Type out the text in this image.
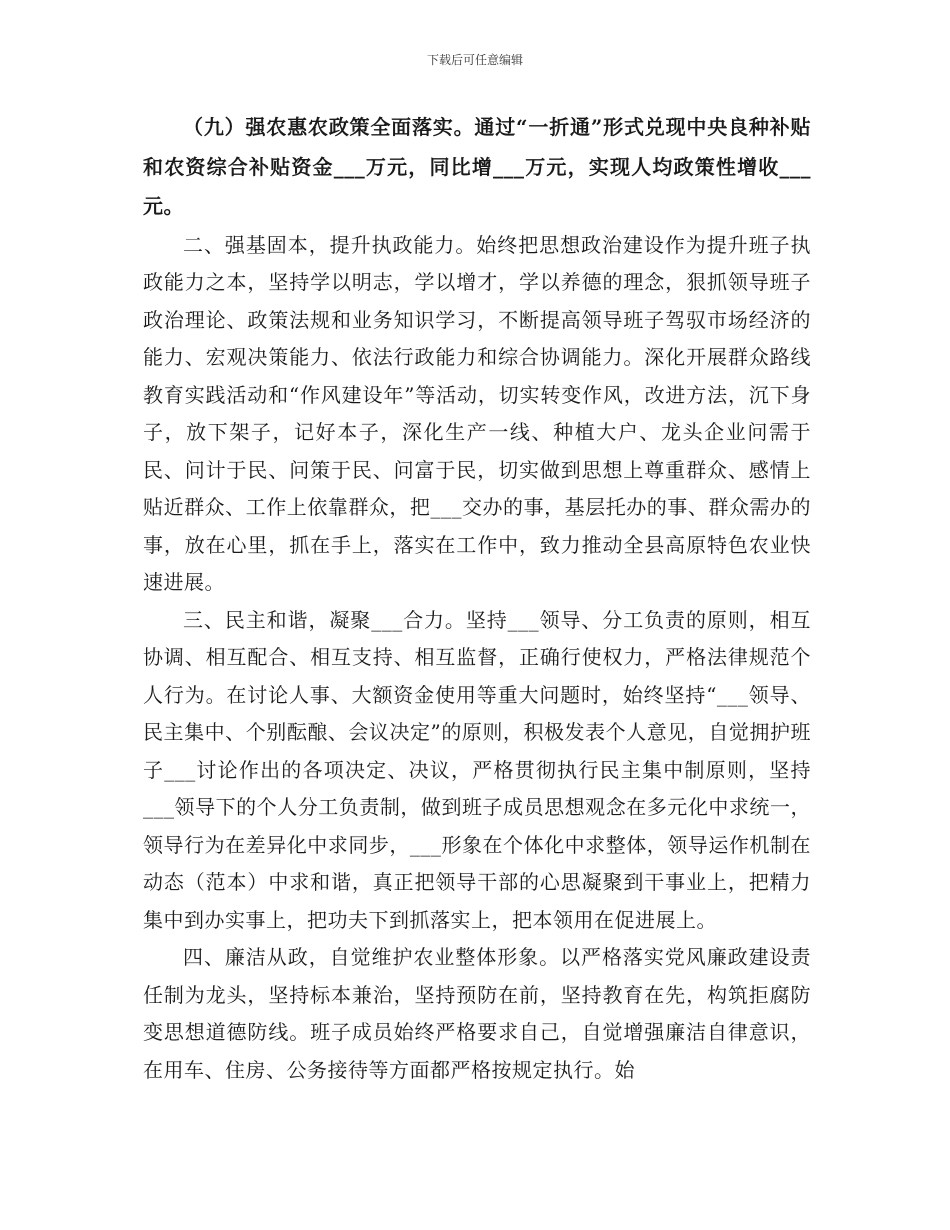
下载后可任意编辑

（九）强农惠农政策全面落实。通过“一折通”形式兑现中央良种补贴和农资综合补贴资金___万元，同比增___万元，实现人均政策性增收___元。

二、强基固本，提升执政能力。始终把思想政治建设作为提升班子执政能力之本，坚持学以明志，学以增才，学以养德的理念，狠抓领导班子政治理论、政策法规和业务知识学习，不断提高领导班子驾驭市场经济的能力、宏观决策能力、依法行政能力和综合协调能力。深化开展群众路线教育实践活动和“作风建设年”等活动，切实转变作风，改进方法，沉下身子，放下架子，记好本子，深化生产一线、种植大户、龙头企业问需于民、问计于民、问策于民、问富于民，切实做到思想上尊重群众、感情上贴近群众、工作上依靠群众，把___交办的事，基层托办的事、群众需办的事，放在心里，抓在手上，落实在工作中，致力推动全县高原特色农业快速进展。

三、民主和谐，凝聚___合力。坚持___领导、分工负责的原则，相互协调、相互配合、相互支持、相互监督，正确行使权力，严格法律规范个人行为。在讨论人事、大额资金使用等重大问题时，始终坚持“___领导、民主集中、个别酝酿、会议决定”的原则，积极发表个人意见，自觉拥护班子___讨论作出的各项决定、决议，严格贯彻执行民主集中制原则，坚持___领导下的个人分工负责制，做到班子成员思想观念在多元化中求统一，领导行为在差异化中求同步，___形象在个体化中求整体，领导运作机制在动态（范本）中求和谐，真正把领导干部的心思凝聚到干事业上，把精力集中到办实事上，把功夫下到抓落实上，把本领用在促进展上。

四、廉洁从政，自觉维护农业整体形象。以严格落实党风廉政建设责任制为龙头，坚持标本兼治，坚持预防在前，坚持教育在先，构筑拒腐防变思想道德防线。班子成员始终严格要求自己，自觉增强廉洁自律意识，在用车、住房、公务接待等方面都严格按规定执行。始
